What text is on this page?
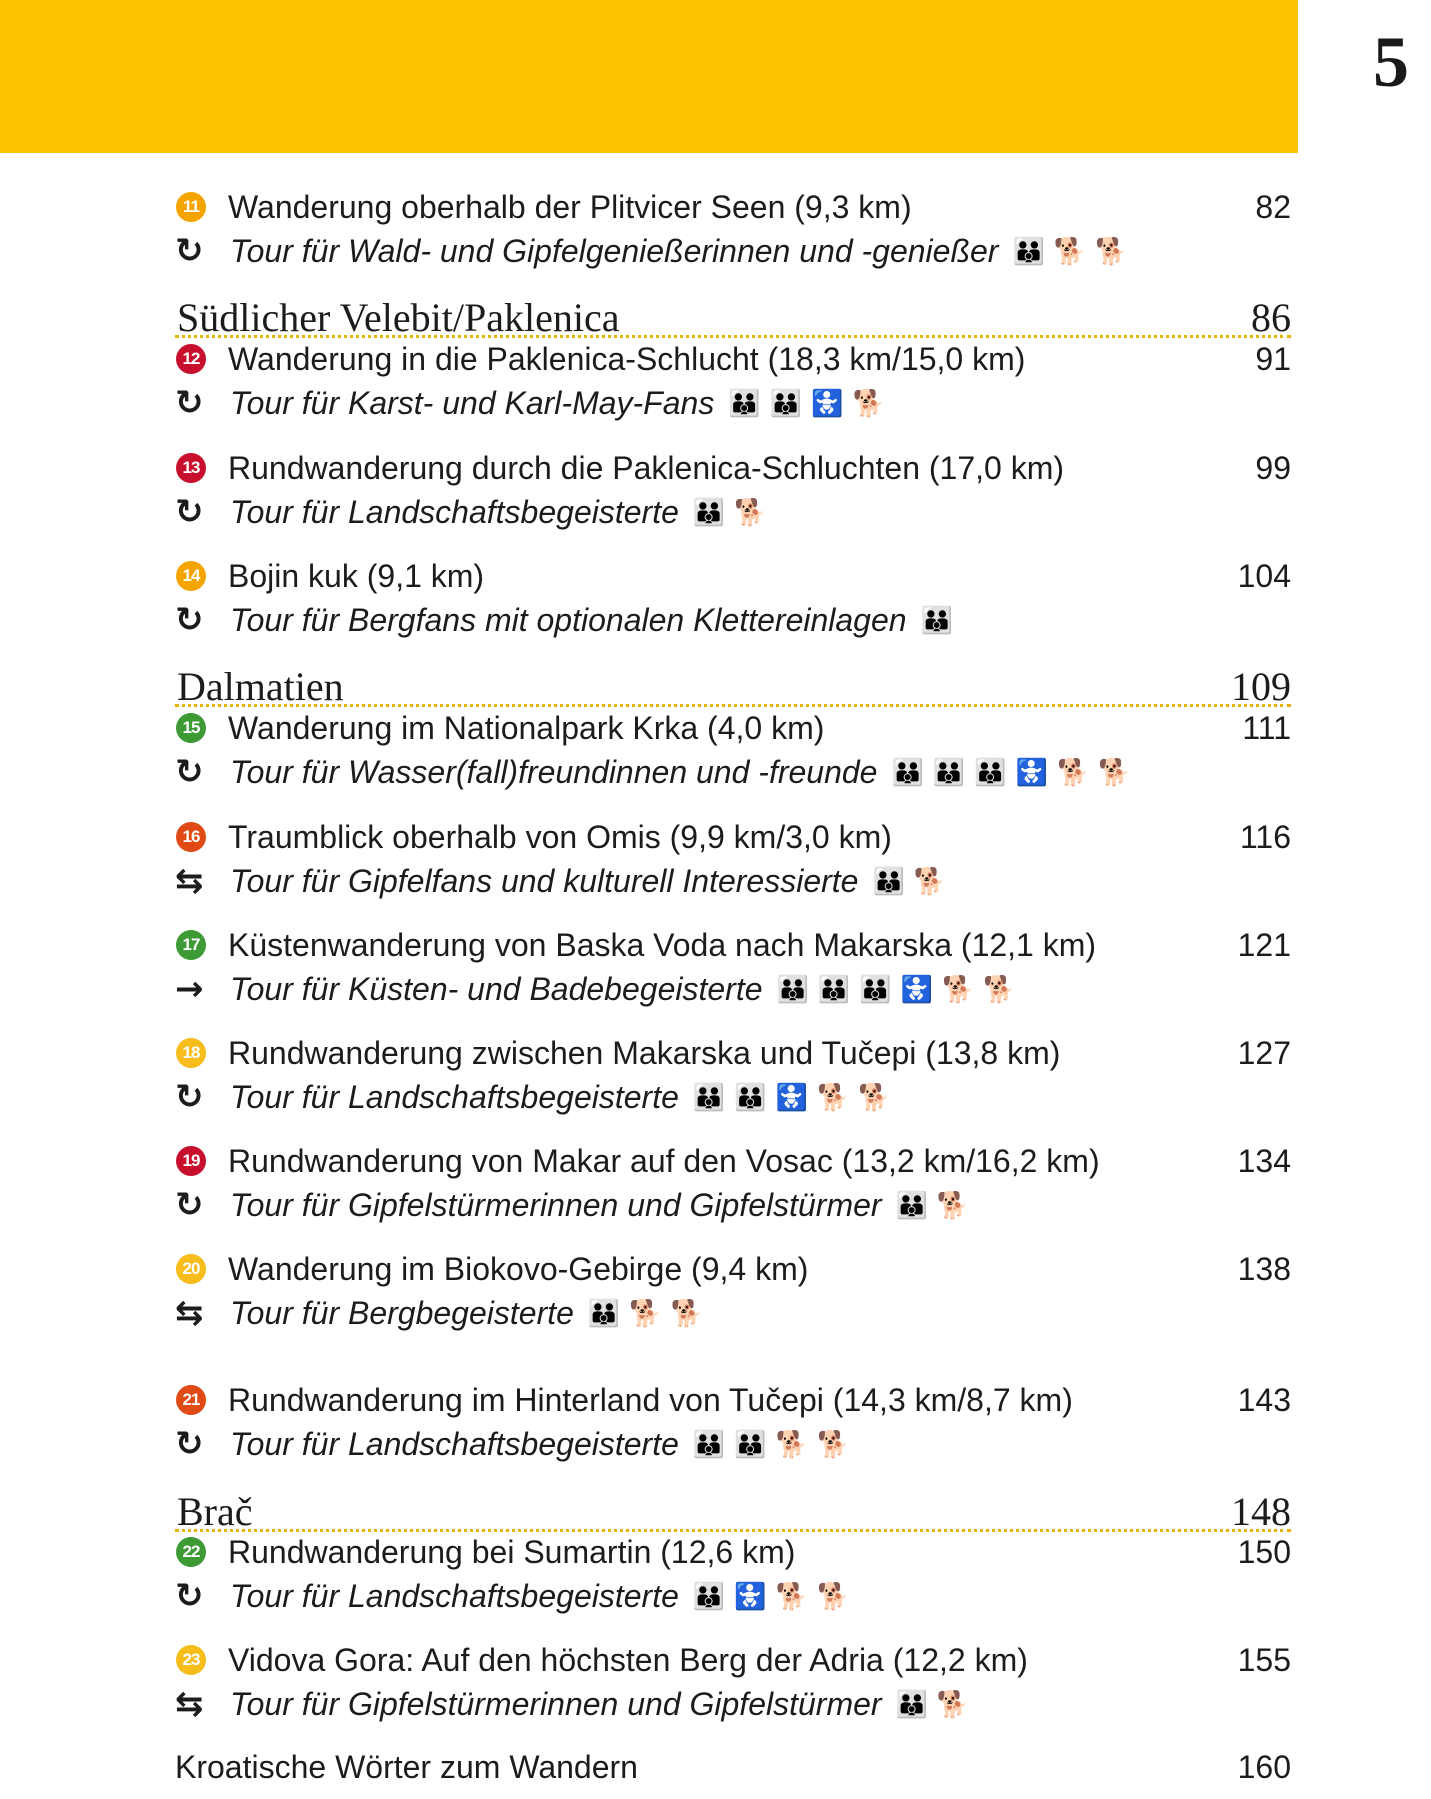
5
11 Wanderung oberhalb der Plitvicer Seen (9,3 km)	82
↻ Tour für Wald- und Gipfelgenießerinnen und -genießer 👪 🐕 🐕
Südlicher Velebit/Paklenica	86
12 Wanderung in die Paklenica-Schlucht (18,3 km/15,0 km)	91
↻ Tour für Karst- und Karl-May-Fans 👪 👪 🚼 🐕
13 Rundwanderung durch die Paklenica-Schluchten (17,0 km)	99
↻ Tour für Landschaftsbegeisterte 👪 🐕
14 Bojin kuk (9,1 km)	104
↻ Tour für Bergfans mit optionalen Klettereinlagen 👪
Dalmatien	109
15 Wanderung im Nationalpark Krka (4,0 km)	111
↻ Tour für Wasser(fall)freundinnen und -freunde 👪 👪 👪 🚼 🐕 🐕
16 Traumblick oberhalb von Omis (9,9 km/3,0 km)	116
⇆ Tour für Gipfelfans und kulturell Interessierte 👪 🐕
17 Küstenwanderung von Baska Voda nach Makarska (12,1 km)	121
→ Tour für Küsten- und Badebegeisterte 👪 👪 👪 🚼 🐕 🐕
18 Rundwanderung zwischen Makarska und Tučepi (13,8 km)	127
↻ Tour für Landschaftsbegeisterte 👪 👪 🚼 🐕 🐕
19 Rundwanderung von Makar auf den Vosac (13,2 km/16,2 km)	134
↻ Tour für Gipfelstürmerinnen und Gipfelstürmer 👪 🐕
20 Wanderung im Biokovo-Gebirge (9,4 km)	138
⇆ Tour für Bergbegeisterte 👪 🐕 🐕
21 Rundwanderung im Hinterland von Tučepi (14,3 km/8,7 km)	143
↻ Tour für Landschaftsbegeisterte 👪 👪 🐕 🐕
Brač	148
22 Rundwanderung bei Sumartin (12,6 km)	150
↻ Tour für Landschaftsbegeisterte 👪 🚼 🐕 🐕
23 Vidova Gora: Auf den höchsten Berg der Adria (12,2 km)	155
⇆ Tour für Gipfelstürmerinnen und Gipfelstürmer 👪 🐕
Kroatische Wörter zum Wandern	160
